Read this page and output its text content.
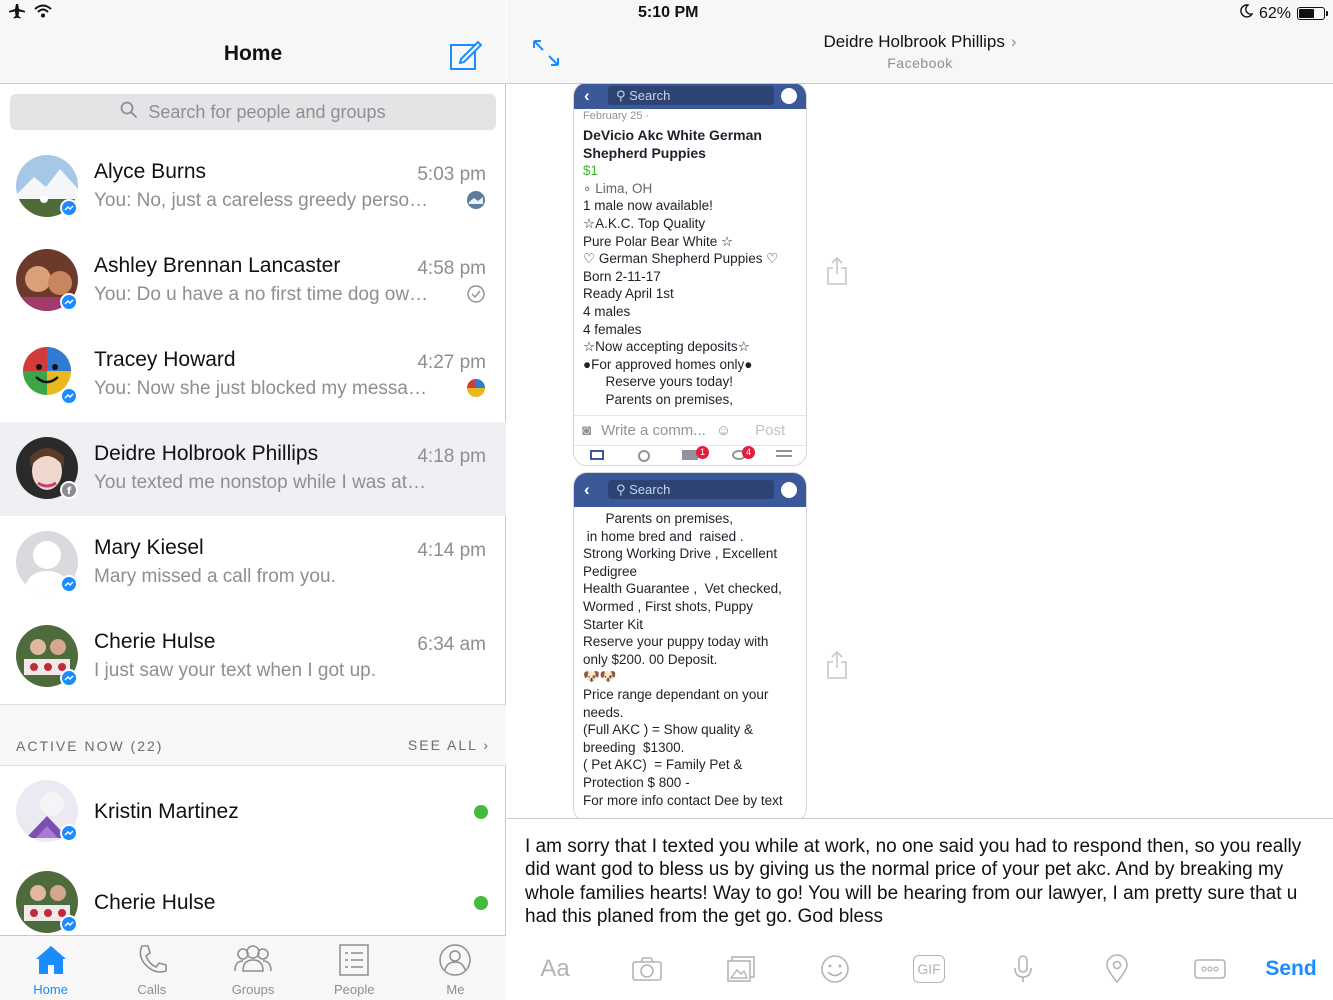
5:10 PM	62%
Home
Search for people and groups
Alyce Burns	5:03 pm
You: No, just a careless greedy perso…
Ashley Brennan Lancaster	4:58 pm
You: Do u have a no first time dog ow…
Tracey Howard	4:27 pm
You: Now she just blocked my messa…
f
Deidre Holbrook Phillips	4:18 pm
You texted me nonstop while I was at…
Mary Kiesel	4:14 pm
Mary missed a call from you.
Cherie Hulse	6:34 am
I just saw your text when I got up.
ACTIVE NOW (22)	SEE ALL ›
Kristin Martinez
Cherie Hulse
Home	Calls	Groups	People	Me
Deidre Holbrook Phillips ›
Facebook
‹	⚲ Search
February 25 ·
DeVicio Akc White German Shepherd Puppies
$1
∘ Lima, OH
1 male now available!
☆A.K.C. Top Quality
Pure Polar Bear White ☆
♡ German Shepherd Puppies ♡
Born 2-11-17
Ready April 1st
4 males
4 females
☆Now accepting deposits☆
●For approved homes only●
Reserve yours today!
Parents on premises,
◙ Write a comm... ☺ Post
1	4
‹	⚲ Search
Parents on premises,
in home bred and  raised .
Strong Working Drive , Excellent
Pedigree
Health Guarantee ,  Vet checked,
Wormed , First shots, Puppy
Starter Kit
Reserve your puppy today with
only $200. 00 Deposit.
🐶🐶
Price range dependant on your
needs.
(Full AKC ) = Show quality &
breeding  $1300.
( Pet AKC)  = Family Pet &
Protection $ 800 -
For more info contact Dee by text
I am sorry that I texted you while at work, no one said you had to respond then, so you really did want god to bless us by giving us the normal price of your pet akc. And by breaking my whole families hearts! Way to go! You will be hearing from our lawyer, I am pretty sure that u had this planed from the get go. God bless
Aa	GIF	Send
